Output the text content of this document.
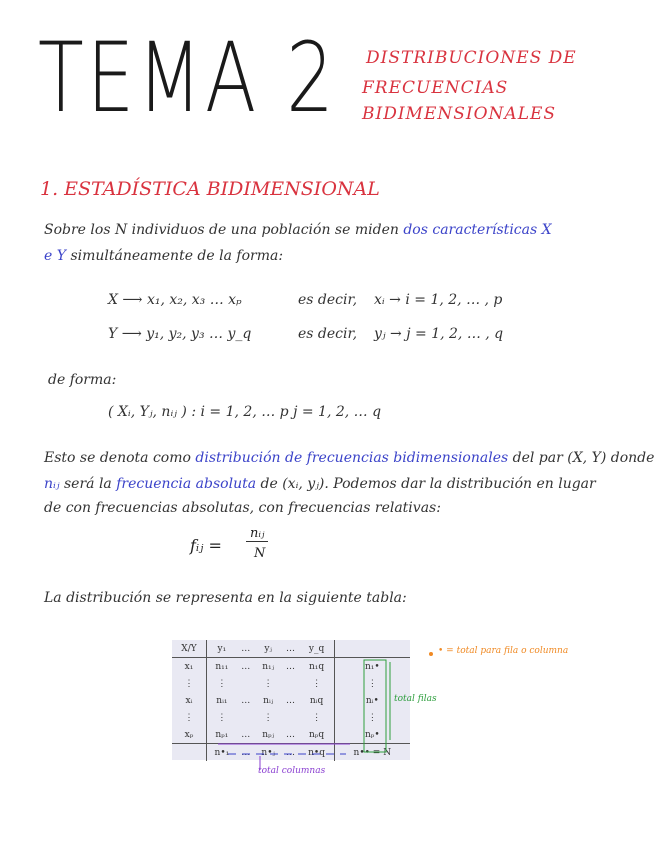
TEMA 2 DISTRIBUCIONES DE
FRECUENCIAS
BIDIMENSIONALES
1. ESTADÍSTICA BIDIMENSIONAL
Sobre los N individuos de una población se miden dos características X
e Y simultáneamente de la forma:
X ⟶ x₁, x₂, x₃ … xₚ	es decir, xᵢ → i = 1, 2, … , p
Y ⟶ y₁, y₂, y₃ … y_q	es decir, yⱼ → j = 1, 2, … , q
de forma:
( Xᵢ, Yⱼ, nᵢⱼ ) : i = 1, 2, … p j = 1, 2, … q
Esto se denota como distribución de frecuencias bidimensionales del par (X, Y) donde
nᵢⱼ será la frecuencia absoluta de (xᵢ, yⱼ). Podemos dar la distribución en lugar
de con frecuencias absolutas, con frecuencias relativas:
fᵢⱼ =
nᵢⱼ
N
La distribución se representa en la siguiente tabla:
X/Y	y₁	…	yⱼ	…	y_q	
x₁	n₁₁	…	n₁ⱼ	…	n₁q	n₁•
⋮	⋮		⋮		⋮	⋮
xᵢ	nᵢ₁	…	nᵢⱼ	…	nᵢq	nᵢ•
⋮	⋮		⋮		⋮	⋮
xₚ	nₚ₁	…	nₚⱼ	…	nₚq	nₚ•
	n•₁	…	n•ⱼ	…	n•q	n•• = N
• = total para fila o columna
total filas
total columnas
